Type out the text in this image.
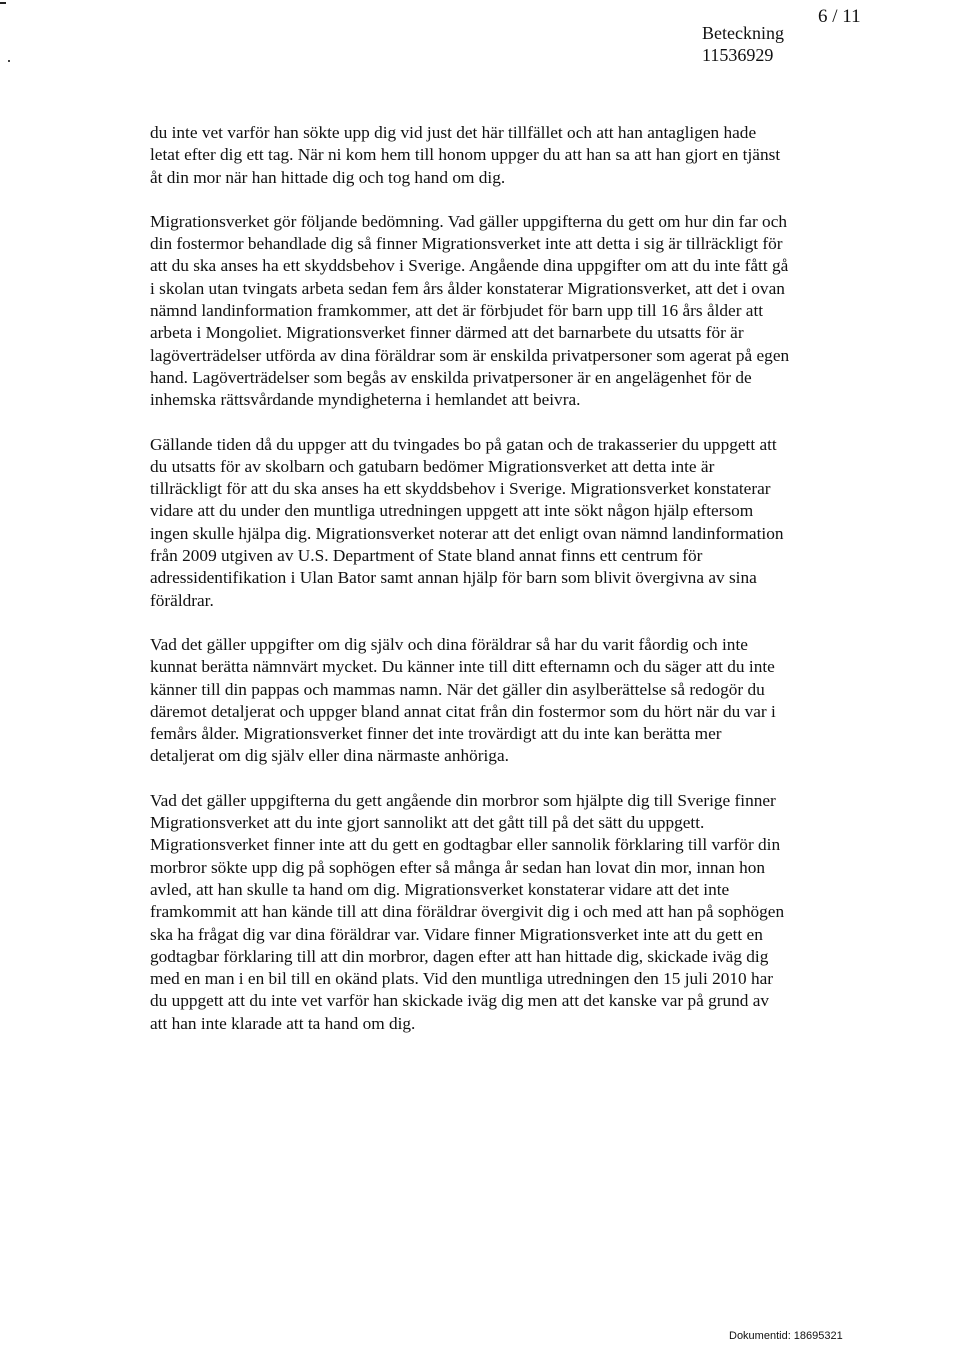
Beteckning
11536929
6 / 11

du inte vet varför han sökte upp dig vid just det här tillfället och att han antagligen hade letat efter dig ett tag. När ni kom hem till honom uppger du att han sa att han gjort en tjänst åt din mor när han hittade dig och tog hand om dig.

Migrationsverket gör följande bedömning. Vad gäller uppgifterna du gett om hur din far och din fostermor behandlade dig så finner Migrationsverket inte att detta i sig är tillräckligt för att du ska anses ha ett skyddsbehov i Sverige. Angående dina uppgifter om att du inte fått gå i skolan utan tvingats arbeta sedan fem års ålder konstaterar Migrationsverket, att det i ovan nämnd landinformation framkommer, att det är förbjudet för barn upp till 16 års ålder att arbeta i Mongoliet. Migrationsverket finner därmed att det barnarbete du utsatts för är lagöverträdelser utförda av dina föräldrar som är enskilda privatpersoner som agerat på egen hand. Lagöverträdelser som begås av enskilda privatpersoner är en angelägenhet för de inhemska rättsvårdande myndigheterna i hemlandet att beivra.

Gällande tiden då du uppger att du tvingades bo på gatan och de trakasserier du uppgett att du utsatts för av skolbarn och gatubarn bedömer Migrationsverket att detta inte är tillräckligt för att du ska anses ha ett skyddsbehov i Sverige. Migrationsverket konstaterar vidare att du under den muntliga utredningen uppgett att inte sökt någon hjälp eftersom ingen skulle hjälpa dig. Migrationsverket noterar att det enligt ovan nämnd landinformation från 2009 utgiven av U.S. Department of State bland annat finns ett centrum för adressidentifikation i Ulan Bator samt annan hjälp för barn som blivit övergivna av sina föräldrar.

Vad det gäller uppgifter om dig själv och dina föräldrar så har du varit fåordig och inte kunnat berätta nämnvärt mycket. Du känner inte till ditt efternamn och du säger att du inte känner till din pappas och mammas namn. När det gäller din asylberättelse så redogör du däremot detaljerat och uppger bland annat citat från din fostermor som du hört när du var i femårs ålder. Migrationsverket finner det inte trovärdigt att du inte kan berätta mer detaljerat om dig själv eller dina närmaste anhöriga.

Vad det gäller uppgifterna du gett angående din morbror som hjälpte dig till Sverige finner Migrationsverket att du inte gjort sannolikt att det gått till på det sätt du uppgett. Migrationsverket finner inte att du gett en godtagbar eller sannolik förklaring till varför din morbror sökte upp dig på sophögen efter så många år sedan han lovat din mor, innan hon avled, att han skulle ta hand om dig. Migrationsverket konstaterar vidare att det inte framkommit att han kände till att dina föräldrar övergivit dig i och med att han på sophögen ska ha frågat dig var dina föräldrar var. Vidare finner Migrationsverket inte att du gett en godtagbar förklaring till att din morbror, dagen efter att han hittade dig, skickade iväg dig med en man i en bil till en okänd plats. Vid den muntliga utredningen den 15 juli 2010 har du uppgett att du inte vet varför han skickade iväg dig men att det kanske var på grund av att han inte klarade att ta hand om dig.

Dokumentid: 18695321
